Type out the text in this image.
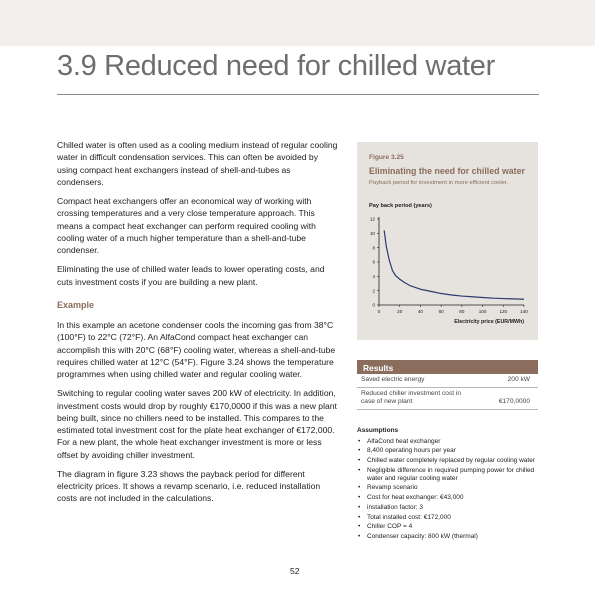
3.9 Reduced need for chilled water

Chilled water is often used as a cooling medium instead of regular cooling water in difficult condensation services. This can often be avoided by using compact heat exchangers instead of shell-and-tubes as condensers.

Compact heat exchangers offer an economical way of working with crossing temperatures and a very close temperature approach. This means a compact heat exchanger can perform required cooling with cooling water of a much higher temperature than a shell-and-tube condenser.

Eliminating the use of chilled water leads to lower operating costs, and cuts investment costs if you are building a new plant.

Example

In this example an acetone condenser cools the incoming gas from 38°C (100°F) to 22°C (72°F). An AlfaCond compact heat exchanger can accomplish this with 20°C (68°F) cooling water, whereas a shell-and-tube requires chilled water at 12°C (54°F). Figure 3.24 shows the temperature programmes when using chilled water and regular cooling water.

Switching to regular cooling water saves 200 kW of electricity. In addition, investment costs would drop by roughly €170,0000 if this was a new plant being built, since no chillers need to be installed. This compares to the estimated total investment cost for the plate heat exchanger of €172,000. For a new plant, the whole heat exchanger investment is more or less offset by avoiding chiller investment.

The diagram in figure 3.23 shows the payback period for different electricity prices. It shows a revamp scenario, i.e. reduced installation costs are not included in the calculations.

Figure 3.25
Eliminating the need for chilled water
Payback period for investment in more efficient cooler.
Pay back period (years)
0
2
4
6
8
10
12
0	20	40	60	80	100	120	140
Electricity price (EUR/MWh)
Results
Saved electric energy	200 kW
Reduced chiller investment cost in case of new plant	€170,0000
Assumptions
• AlfaCond heat exchanger
• 8,400 operating hours per year
• Chilled water completely replaced by regular cooling water
• Negligible difference in required pumping power for chilled water and regular cooling water
• Revamp scenario
• Cost for heat exchanger: €43,000
• installation factor: 3
• Total installed cost: €172,000
• Chiller COP = 4
• Condenser capacity: 800 kW (thermal)
52
